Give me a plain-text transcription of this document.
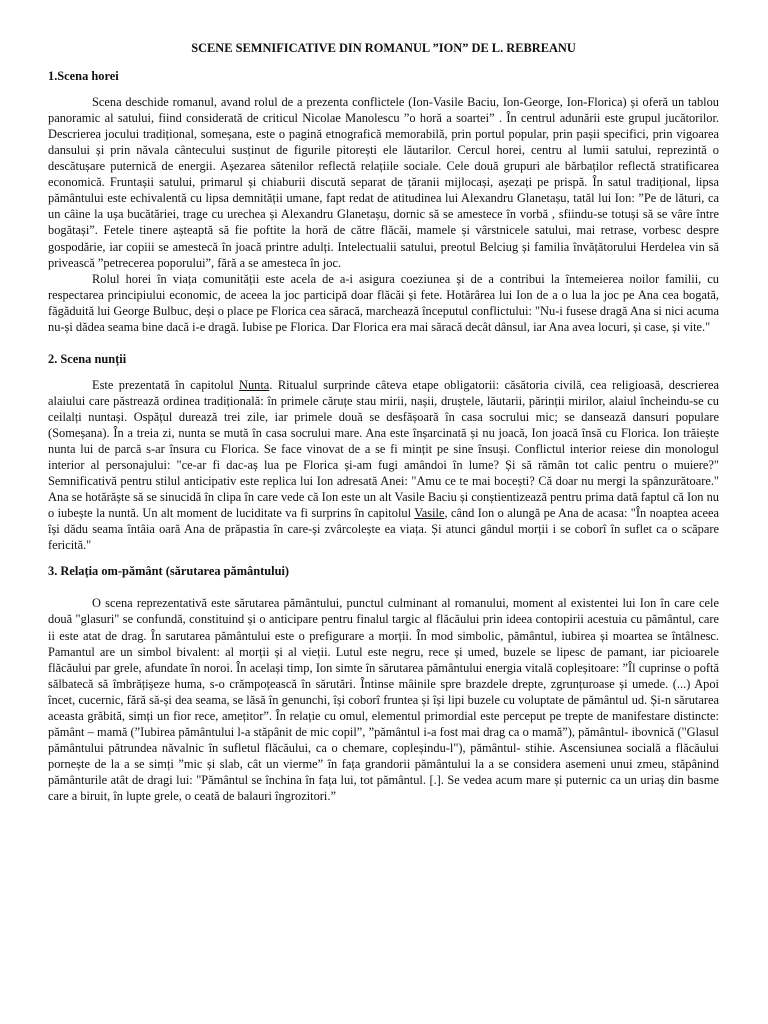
SCENE SEMNIFICATIVE DIN ROMANUL ”ION” DE L. REBREANU
1.Scena horei

Scena deschide romanul, avand rolul de a prezenta conflictele (Ion-Vasile Baciu, Ion-George, Ion-Florica) și oferă un tablou panoramic al satului, fiind considerată de criticul Nicolae Manolescu ”o horă a soartei” . În centrul adunării este grupul jucătorilor. Descrierea jocului tradițional, someșana, este o pagină etnografică memorabilă, prin portul popular, prin pașii specifici, prin vigoarea dansului și prin năvala cântecului susținut de figurile pitorești ele lăutarilor. Cercul horei, centru al lumii satului, reprezintă o descătușare puternică de energii. Așezarea sătenilor reflectă relațiile sociale. Cele două grupuri ale bărbaților reflectă stratificarea economică. Fruntașii satului, primarul și chiaburii discută separat de țăranii mijlocași, așezați pe prispă. În satul tradițional, lipsa pământului este echivalentă cu lipsa demnității umane, fapt redat de atitudinea lui Alexandru Glanetașu, tatăl lui Ion: ”Pe de lături, ca un câine la ușa bucătăriei, trage cu urechea și Alexandru Glanetașu, dornic să se amestece în vorbă , sfiindu-se totuși să se vâre între bogătași”. Fetele tinere așteaptă să fie poftite la horă de către flăcăi, mamele și vârstnicele satului, mai retrase, vorbesc despre gospodărie, iar copiii se amestecă în joacă printre adulți. Intelectualii satului, preotul Belciug și familia învățătorului Herdelea vin să privească ”petrecerea poporului”, fără a se amesteca în joc.

Rolul horei în viața comunității este acela de a-i asigura coeziunea și de a contribui la întemeierea noilor familii, cu respectarea principiului economic, de aceea la joc participă doar flăcăi și fete. Hotărârea lui Ion de a o lua la joc pe Ana cea bogată, făgăduită lui George Bulbuc, deși o place pe Florica cea săracă, marchează începutul conflictului: "Nu-i fusese dragă Ana si nici acuma nu-și dădea seama bine dacă i-e dragă. Iubise pe Florica. Dar Florica era mai săracă decât dânsul, iar Ana avea locuri, și case, și vite."

2. Scena nunții

Este prezentată în capitolul Nunta. Ritualul surprinde câteva etape obligatorii: căsătoria civilă, cea religioasă, descrierea alaiului care păstrează ordinea tradițională: în primele căruțe stau mirii, nașii, druștele, lăutarii, părinții mirilor, alaiul încheindu-se cu ceilalți nuntași. Ospățul durează trei zile, iar primele două se desfășoară în casa socrului mic; se dansează dansuri populare (Someșana). În a treia zi, nunta se mută în casa socrului mare. Ana este înșarcinată și nu joacă, Ion joacă însă cu Florica. Ion trăiește nunta lui de parcă s-ar însura cu Florica. Se face vinovat de a se fi mințit pe sine însuși. Conflictul interior reiese din monologul interior al personajului: "ce-ar fi dac-aș lua pe Florica și-am fugi amândoi în lume? Și să rămân tot calic pentru o muiere?" Semnificativă pentru stilul anticipativ este replica lui Ion adresată Anei: "Amu ce te mai bocești? Că doar nu mergi la spânzurătoare." Ana se hotărăște să se sinucidă în clipa în care vede că Ion este un alt Vasile Baciu și conștientizează pentru prima dată faptul că Ion nu o iubește la nuntă. Un alt moment de luciditate va fi surprins în capitolul Vasile, când Ion o alungă pe Ana de acasa: "În noaptea aceea își dădu seama întâia oară Ana de prăpastia în care-și zvârcolește ea viața. Și atunci gândul morții i se coborî în suflet ca o scăpare fericită."

3. Relația om-pământ (sărutarea pământului)

O scena reprezentativă este sărutarea pământului, punctul culminant al romanului, moment al existentei lui Ion în care cele două "glasuri" se confundă, constituind și o anticipare pentru finalul targic al flăcăului prin ideea contopirii acestuia cu pământul, care ii este atat de drag. În sarutarea pământului este o prefigurare a morții. În mod simbolic, pământul, iubirea și moartea se întâlnesc. Pamantul are un simbol bivalent: al morții și al vieții. Lutul este negru, rece și umed, buzele se lipesc de pamant, iar picioarele flăcăului par grele, afundate în noroi. În același timp, Ion simte în sărutarea pământului energia vitală copleșitoare: ”Îl cuprinse o poftă sălbatecă să îmbrățișeze huma, s-o crămpoțească în sărutări. Întinse mâinile spre brazdele drepte, zgrunțuroase și umede. (...) Apoi încet, cucernic, fără să-și dea seama, se lăsă în genunchi, își coborî fruntea și își lipi buzele cu voluptate de pământul ud. Și-n sărutarea aceasta grăbită, simți un fior rece, amețitor”. În relație cu omul, elementul primordial este perceput pe trepte de manifestare distincte: pământ – mamă (”Iubirea pământului l-a stăpânit de mic copil”, ”pământul i-a fost mai drag ca o mamă”), pământul- ibovnică ("Glasul pământului pătrundea năvalnic în sufletul flăcăului, ca o chemare, copleșindu-l"), pământul- stihie. Ascensiunea socială a flăcăului pornește de la a se simți ”mic și slab, cât un vierme” în fața grandorii pământului la a se considera asemeni unui zmeu, stăpânind pământurile atât de dragi lui: "Pământul se închina în fața lui, tot pământul. [.]. Se vedea acum mare și puternic ca un uriaș din basme care a biruit, în lupte grele, o ceată de balauri îngrozitori.”
